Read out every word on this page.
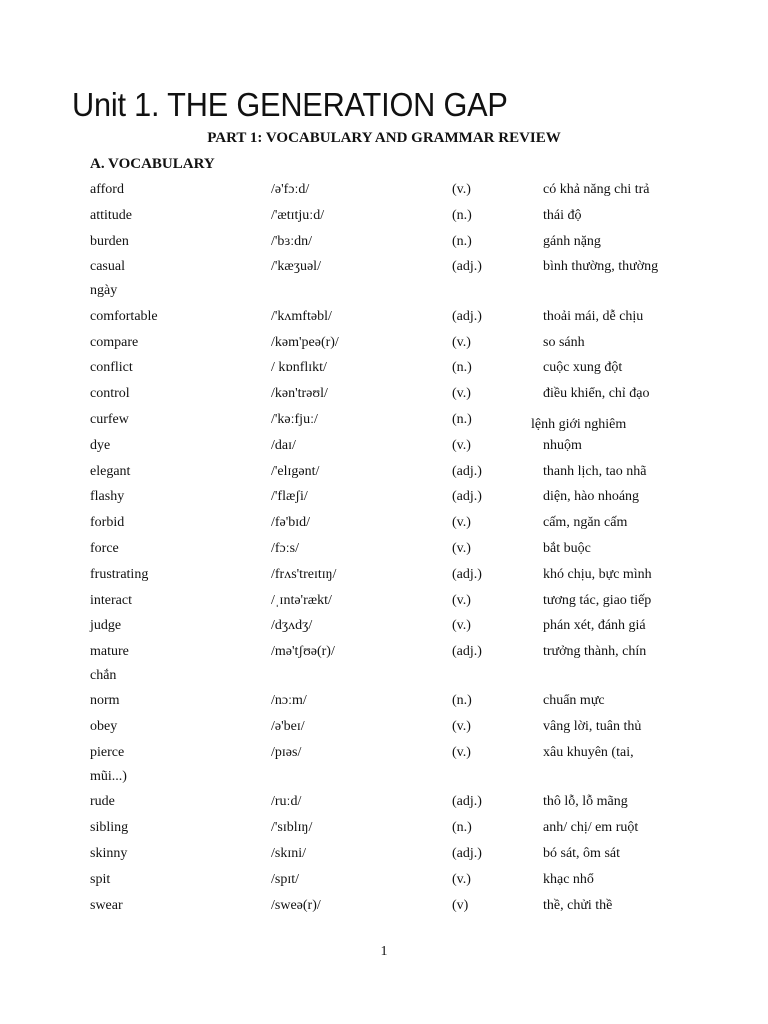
Unit 1. THE GENERATION GAP
PART 1: VOCABULARY AND GRAMMAR REVIEW
A. VOCABULARY
afford	/ə'fɔːd/	(v.)	có khả năng chi trả
attitude	/'ætɪtjuːd/	(n.)	thái độ
burden	/'bɜːdn/	(n.)	gánh nặng
casual	/'kæʒuəl/	(adj.)	bình thường, thường
ngày
comfortable	/'kʌmftəbl/	(adj.)	thoải mái, dễ chịu
compare	/kəm'peə(r)/	(v.)	so sánh
conflict	/ kɒnflɪkt/	(n.)	cuộc xung đột
control	/kən'trəʊl/	(v.)	điều khiển, chỉ đạo
curfew	/'kəːfjuː/	(n.)	lệnh giới nghiêm
dye	/daɪ/	(v.)	nhuộm
elegant	/'elɪgənt/	(adj.)	thanh lịch, tao nhã
flashy	/'flæʃi/	(adj.)	diện, hào nhoáng
forbid	/fə'bɪd/	(v.)	cấm, ngăn cấm
force	/fɔːs/	(v.)	bắt buộc
frustrating	/frʌs'treɪtɪŋ/	(adj.)	khó chịu, bực mình
interact	/ˌɪntə'rækt/	(v.)	tương tác, giao tiếp
judge	/dʒʌdʒ/	(v.)	phán xét, đánh giá
mature	/mə'tʃʊə(r)/	(adj.)	trưởng thành, chín
chắn
norm	/nɔːm/	(n.)	chuẩn mực
obey	/ə'beɪ/	(v.)	vâng lời, tuân thủ
pierce	/pɪəs/	(v.)	xâu khuyên (tai,
mũi...)
rude	/ruːd/	(adj.)	thô lỗ, lỗ mãng
sibling	/'sɪblɪŋ/	(n.)	anh/ chị/ em ruột
skinny	/skɪni/	(adj.)	bó sát, ôm sát
spit	/spɪt/	(v.)	khạc nhổ
swear	/sweə(r)/	(v)	thề, chửi thề
1
